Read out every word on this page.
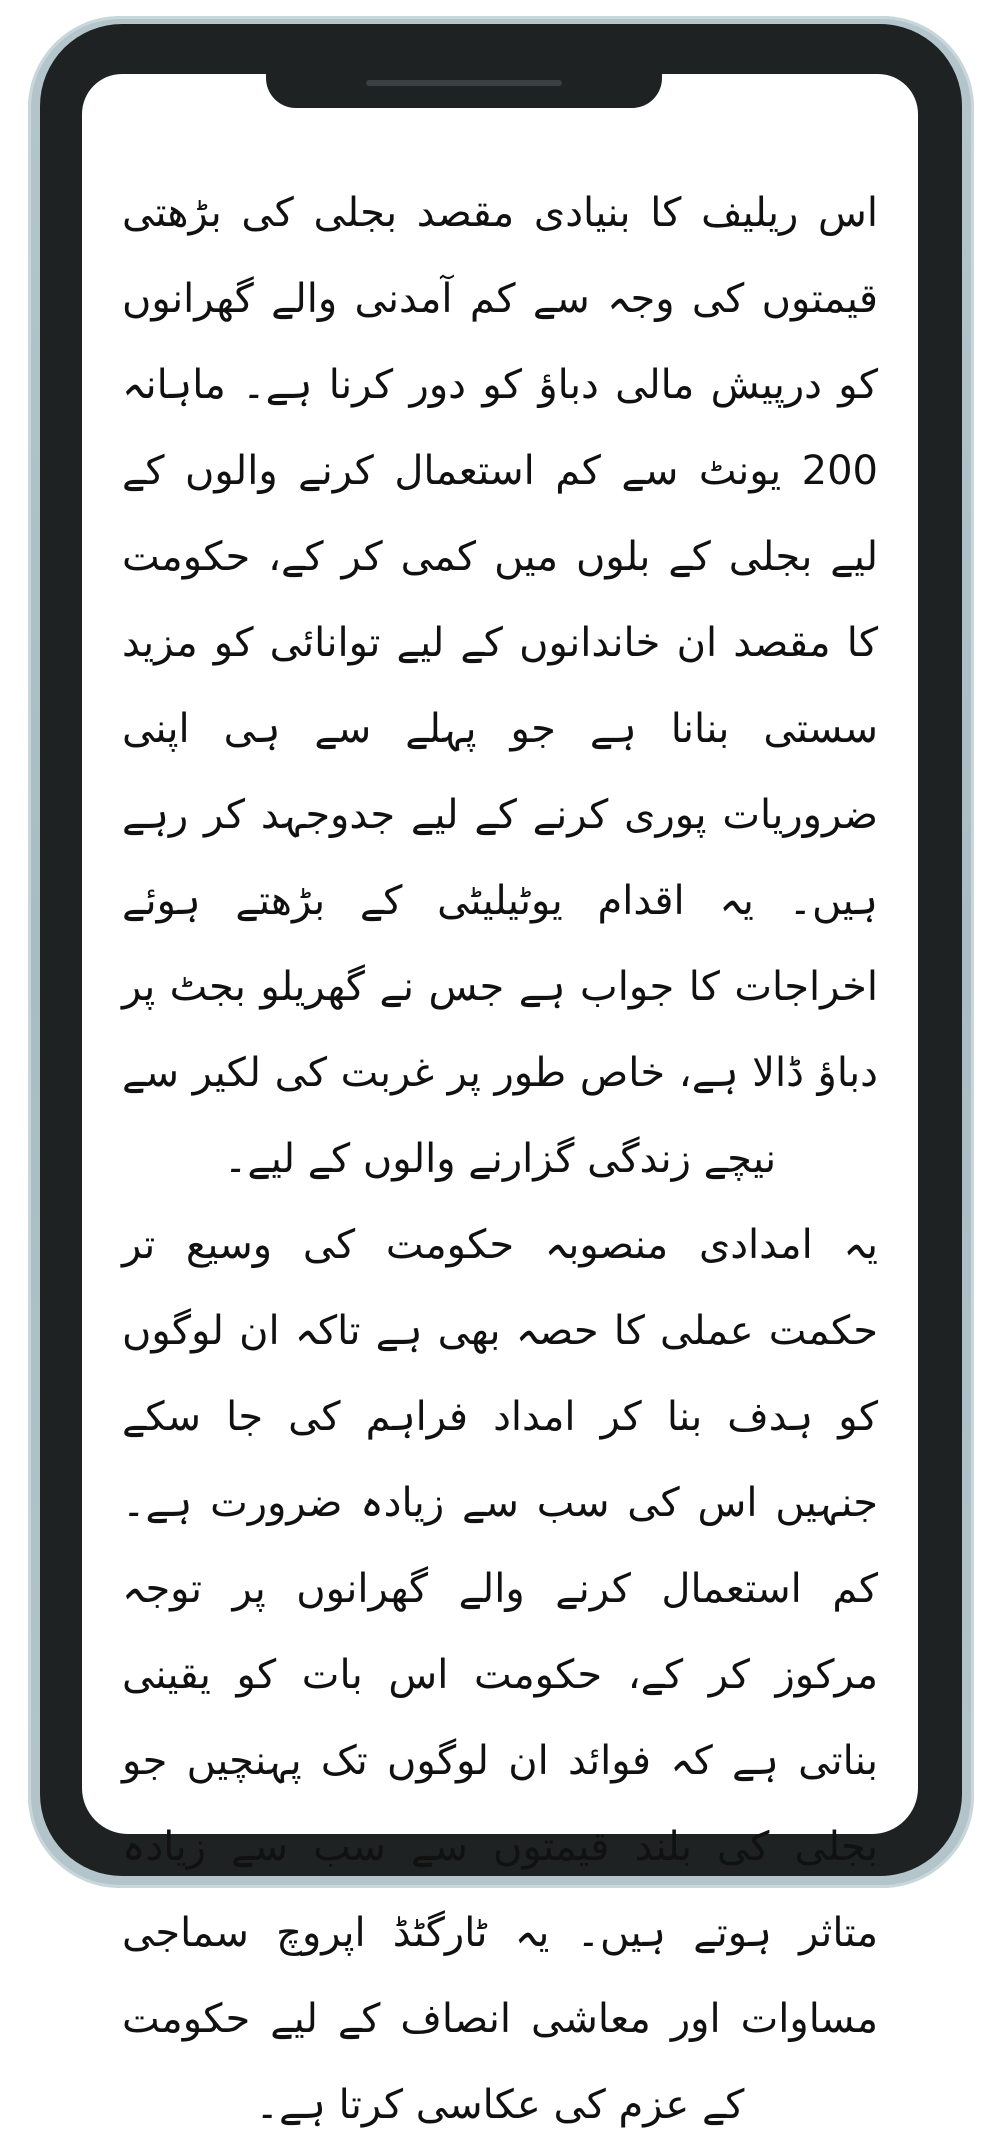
اس ریلیف کا بنیادی مقصد بجلی کی بڑھتی قیمتوں کی وجہ سے کم آمدنی والے گھرانوں کو درپیش مالی دباؤ کو دور کرنا ہے۔ ماہانہ 200 یونٹ سے کم استعمال کرنے والوں کے لیے بجلی کے بلوں میں کمی کر کے، حکومت کا مقصد ان خاندانوں کے لیے توانائی کو مزید سستی بنانا ہے جو پہلے سے ہی اپنی ضروریات پوری کرنے کے لیے جدوجہد کر رہے ہیں۔ یہ اقدام یوٹیلیٹی کے بڑھتے ہوئے اخراجات کا جواب ہے جس نے گھریلو بجٹ پر دباؤ ڈالا ہے، خاص طور پر غربت کی لکیر سے نیچے زندگی گزارنے والوں کے لیے۔

یہ امدادی منصوبہ حکومت کی وسیع تر حکمت عملی کا حصہ بھی ہے تاکہ ان لوگوں کو ہدف بنا کر امداد فراہم کی جا سکے جنہیں اس کی سب سے زیادہ ضرورت ہے۔ کم استعمال کرنے والے گھرانوں پر توجہ مرکوز کر کے، حکومت اس بات کو یقینی بناتی ہے کہ فوائد ان لوگوں تک پہنچیں جو بجلی کی بلند قیمتوں سے سب سے زیادہ متاثر ہوتے ہیں۔ یہ ٹارگٹڈ اپروچ سماجی مساوات اور معاشی انصاف کے لیے حکومت کے عزم کی عکاسی کرتا ہے۔
